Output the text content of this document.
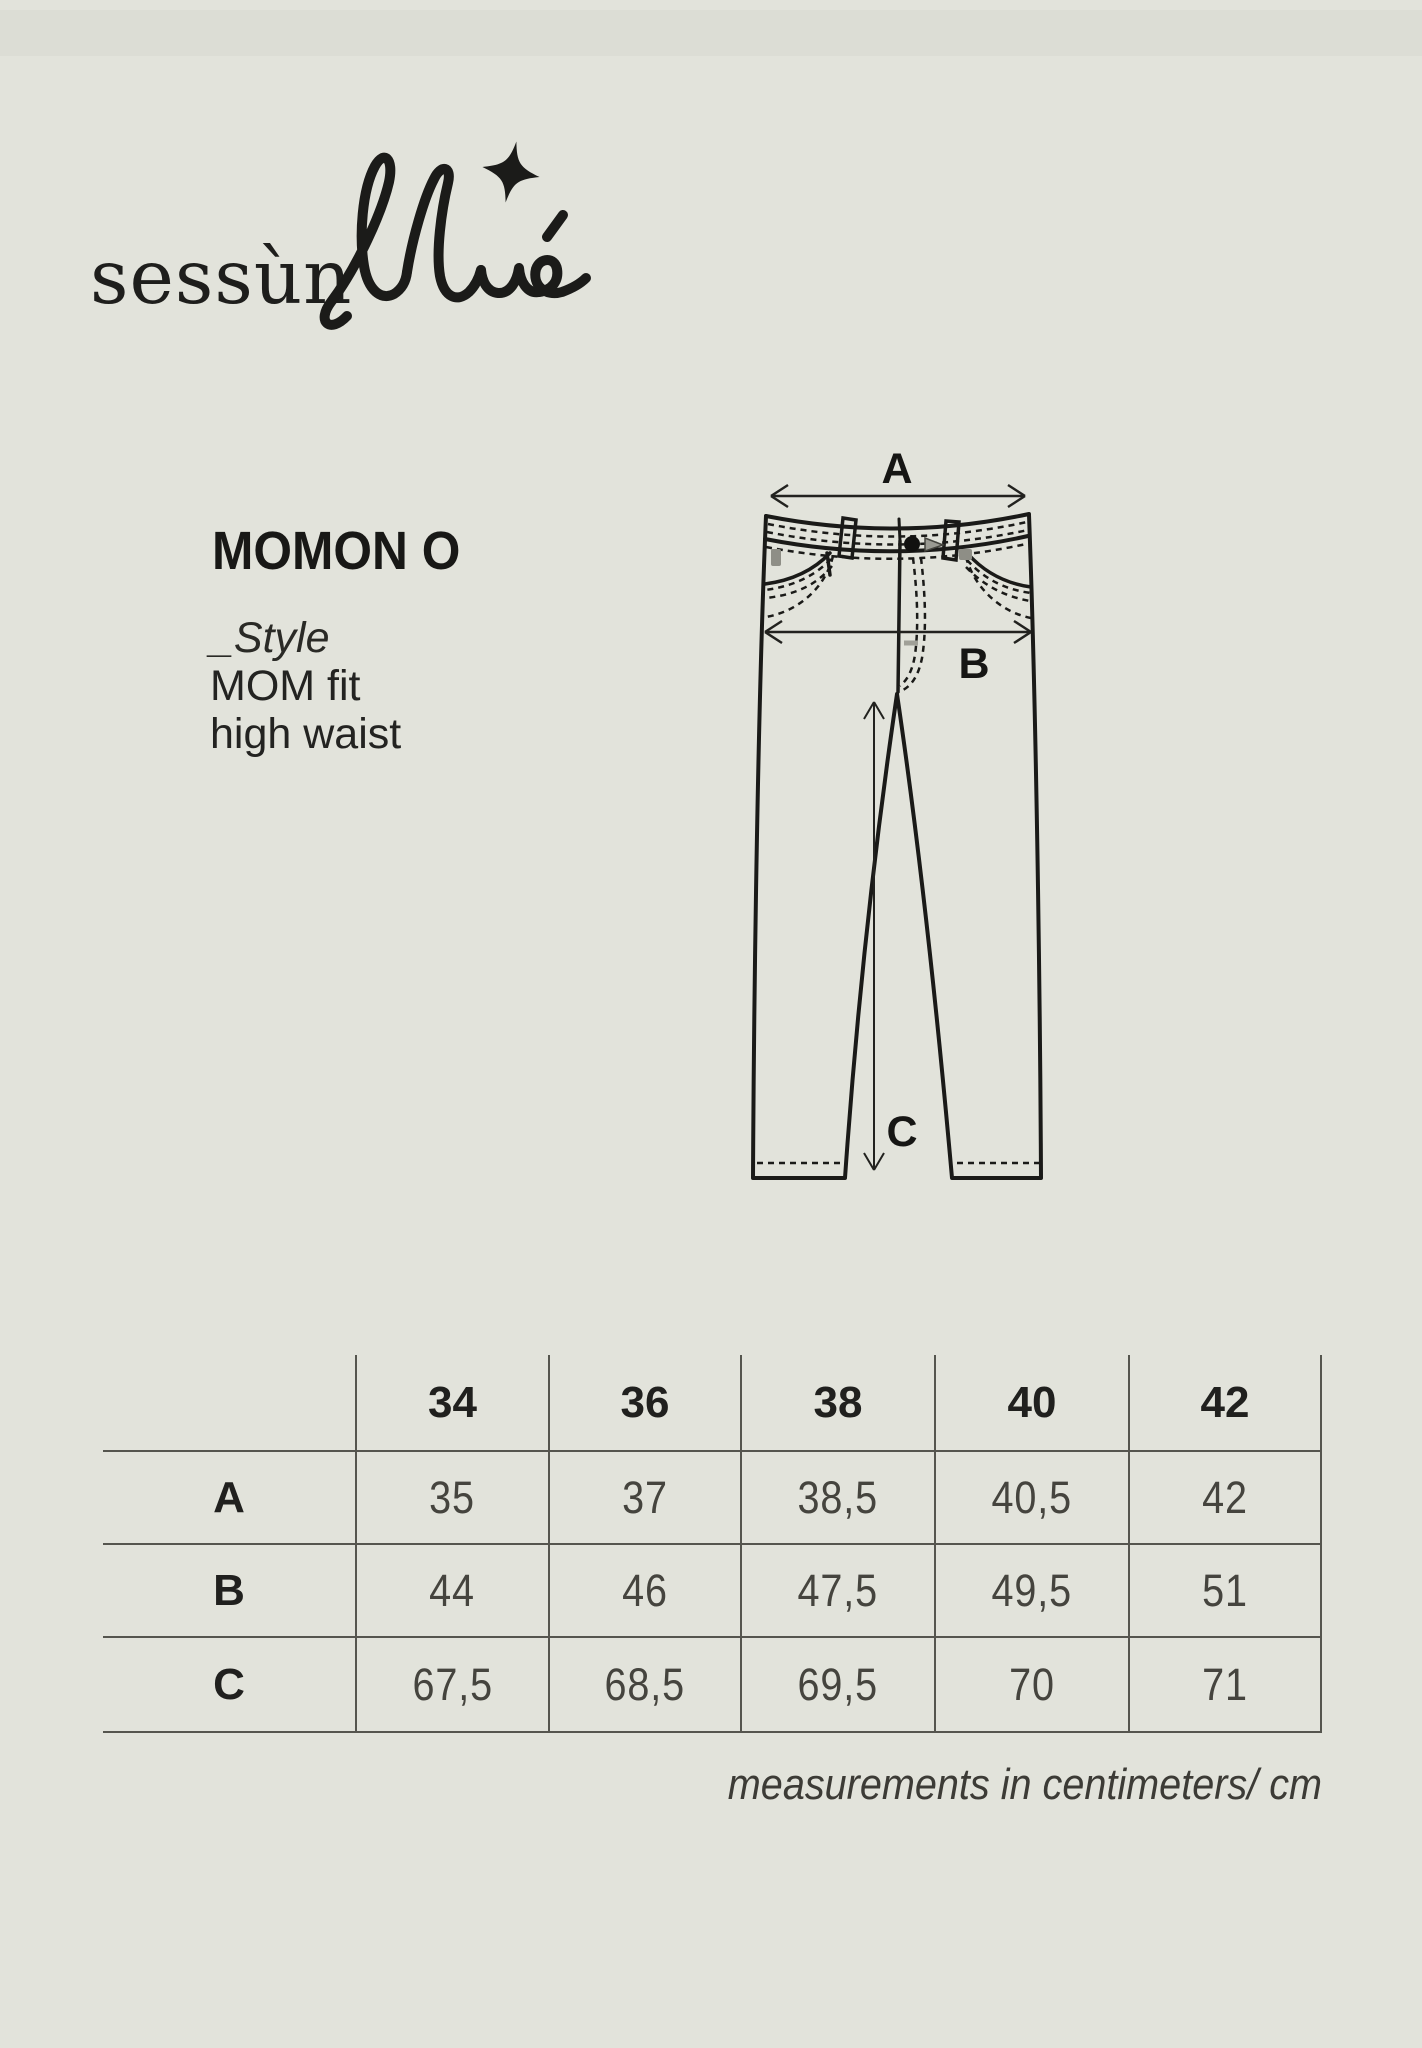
sessùn
MOMON O
_Style
MOM fit
high waist
A
B
C
34	36	38	40	42
A	35	37	38,5	40,5	42
B	44	46	47,5	49,5	51
C	67,5 68,5 69,5	70	71
measurements in centimeters/ cm
